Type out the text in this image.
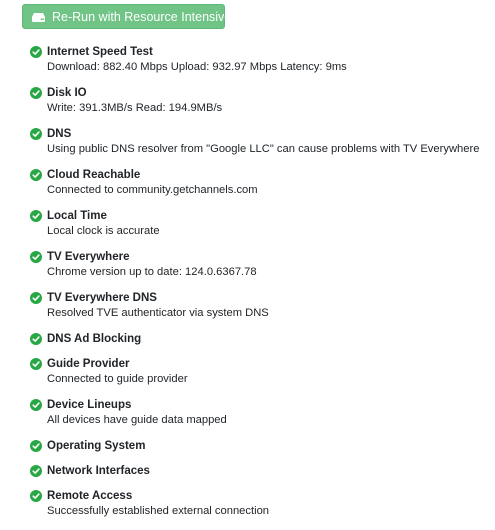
Re-Run with Resource Intensive Tests
Internet Speed Test
Download: 882.40 Mbps Upload: 932.97 Mbps Latency: 9ms
Disk IO
Write: 391.3MB/s Read: 194.9MB/s
DNS
Using public DNS resolver from "Google LLC" can cause problems with TV Everywhere
Cloud Reachable
Connected to community.getchannels.com
Local Time
Local clock is accurate
TV Everywhere
Chrome version up to date: 124.0.6367.78
TV Everywhere DNS
Resolved TVE authenticator via system DNS
DNS Ad Blocking
Guide Provider
Connected to guide provider
Device Lineups
All devices have guide data mapped
Operating System
Network Interfaces
Remote Access
Successfully established external connection
